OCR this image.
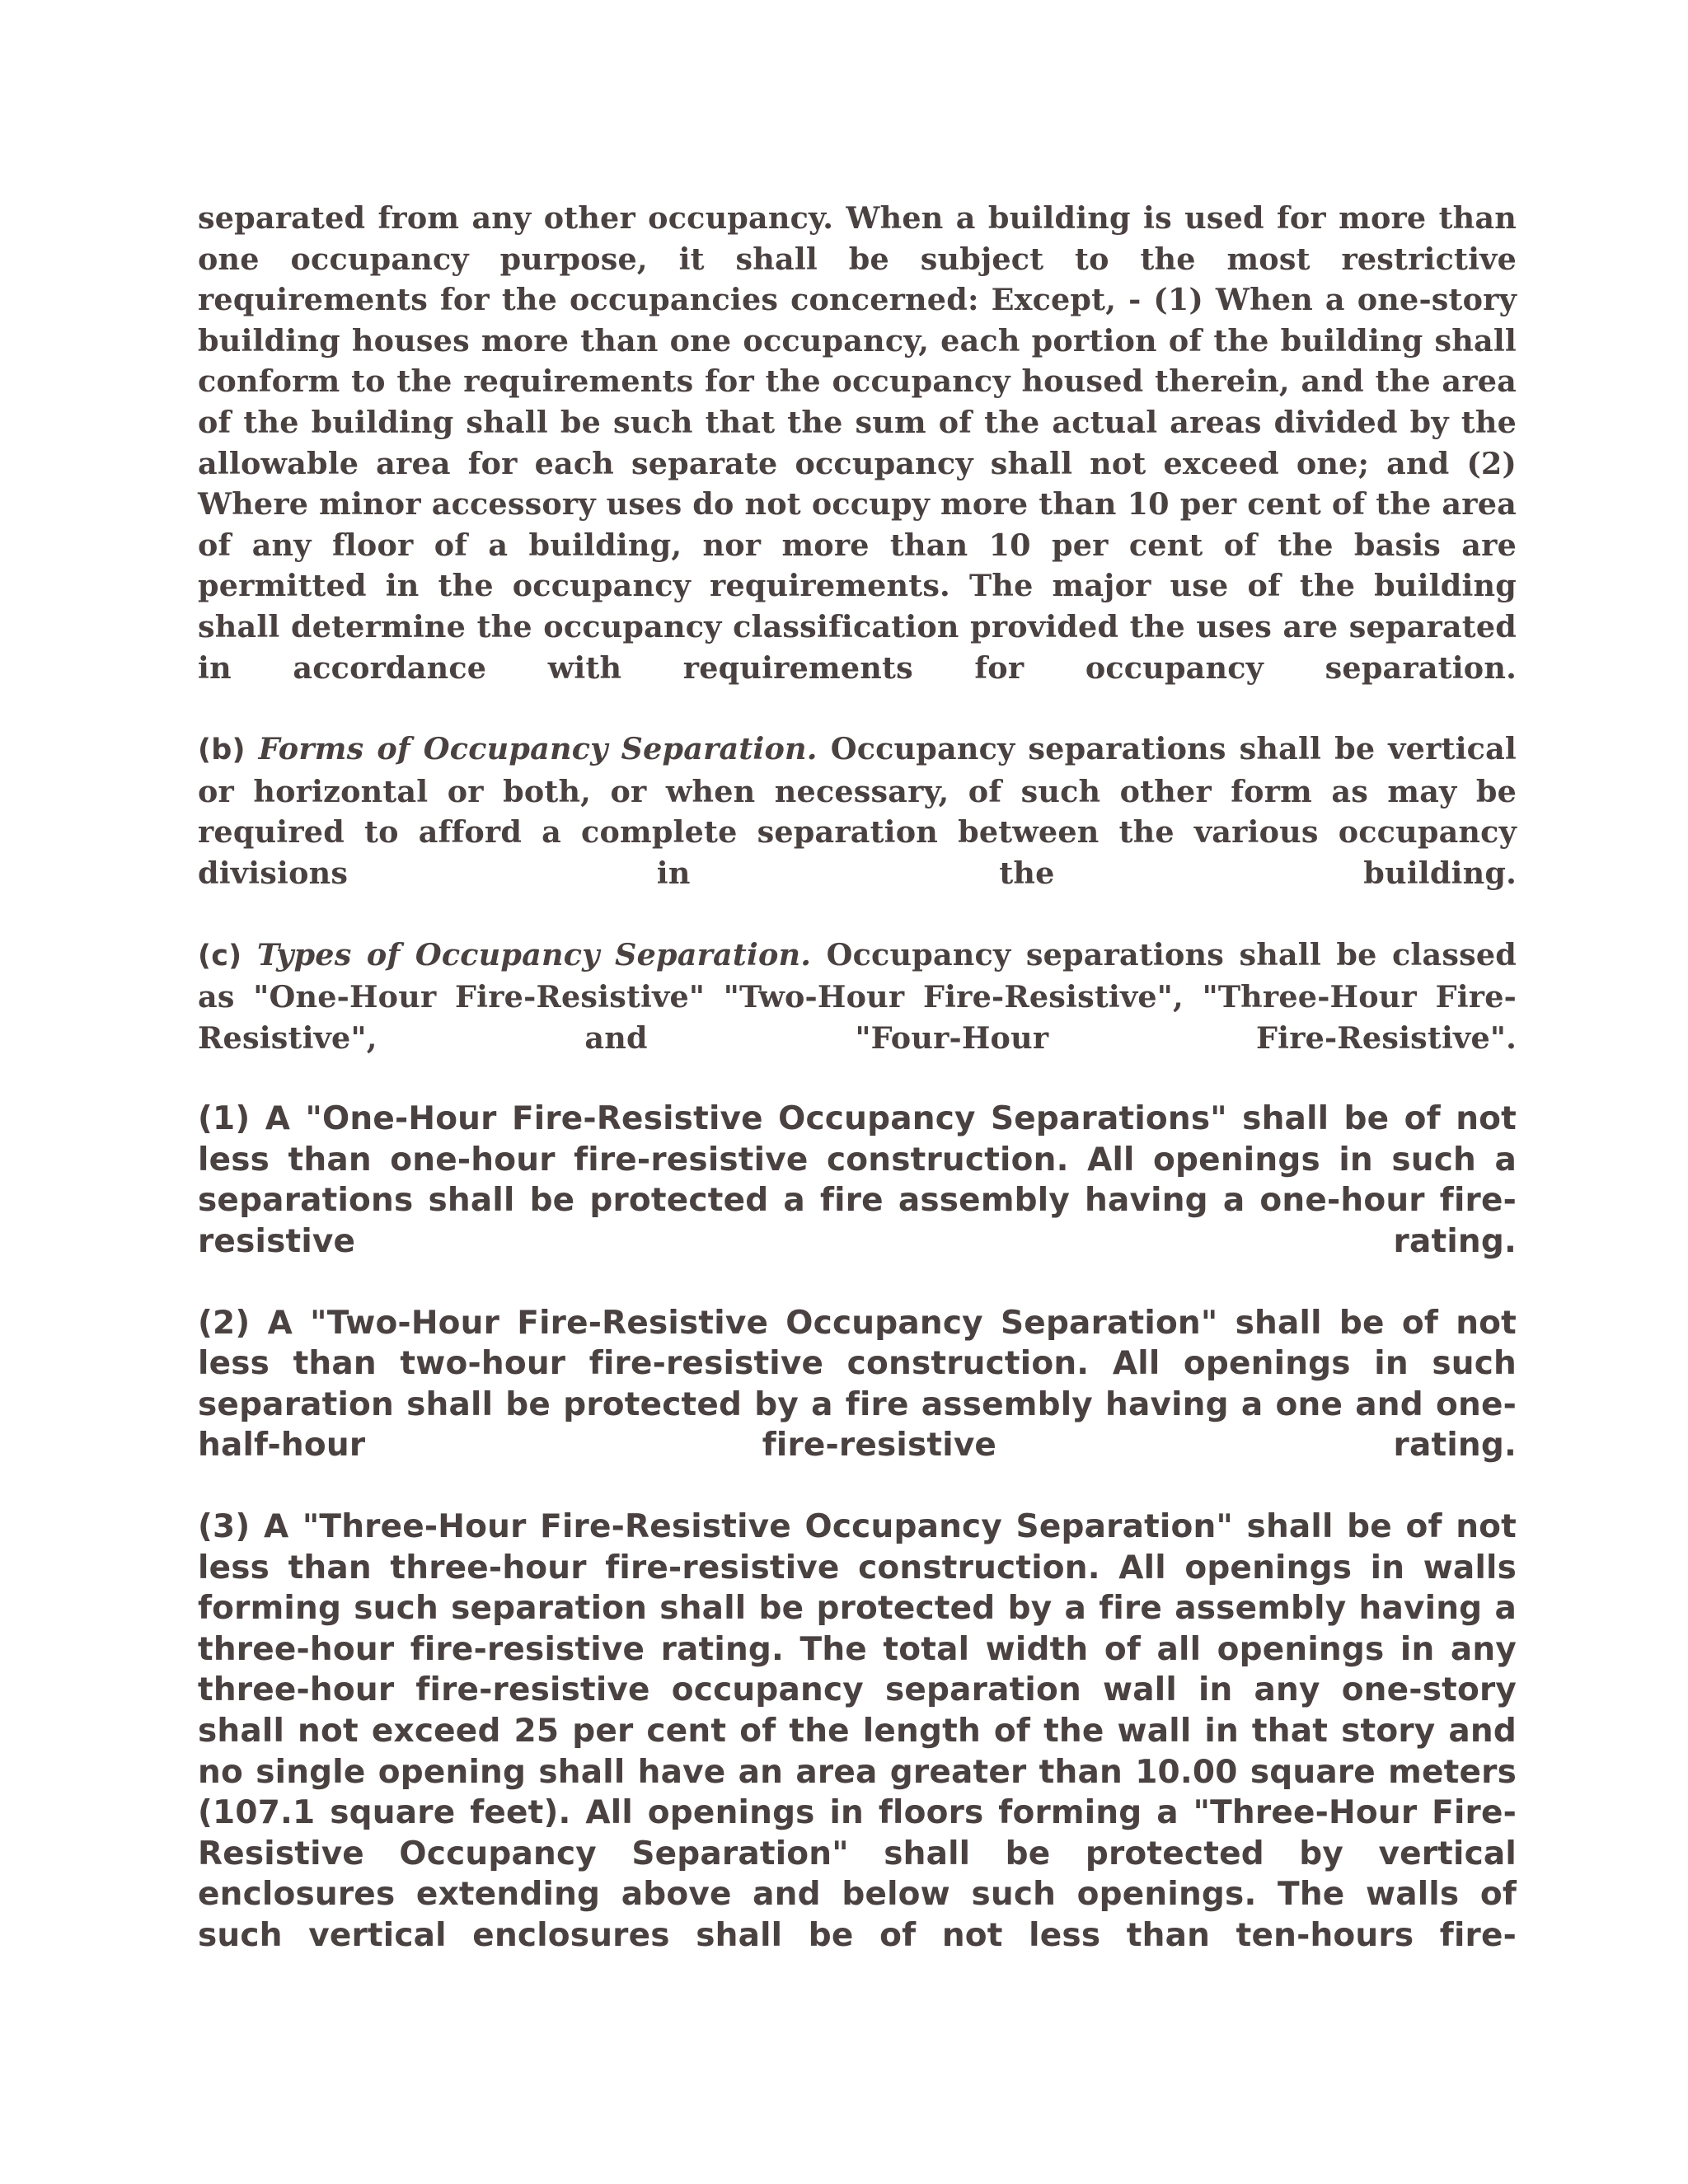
separated from any other occupancy. When a building is used for more than one occupancy purpose, it shall be subject to the most restrictive requirements for the occupancies concerned: Except, - (1) When a one-story building houses more than one occupancy, each portion of the building shall conform to the requirements for the occupancy housed therein, and the area of the building shall be such that the sum of the actual areas divided by the allowable area for each separate occupancy shall not exceed one; and (2) Where minor accessory uses do not occupy more than 10 per cent of the area of any floor of a building, nor more than 10 per cent of the basis are permitted in the occupancy requirements. The major use of the building shall determine the occupancy classification provided the uses are separated in accordance with requirements for occupancy separation.

(b) Forms of Occupancy Separation. Occupancy separations shall be vertical or horizontal or both, or when necessary, of such other form as may be required to afford a complete separation between the various occupancy divisions in the building.

(c) Types of Occupancy Separation. Occupancy separations shall be classed as "One-Hour Fire-Resistive" "Two-Hour Fire-Resistive", "Three-Hour Fire-Resistive", and "Four-Hour Fire-Resistive".

(1) A "One-Hour Fire-Resistive Occupancy Separations" shall be of not less than one-hour fire-resistive construction. All openings in such a separations shall be protected a fire assembly having a one-hour fire-resistive rating.

(2) A "Two-Hour Fire-Resistive Occupancy Separation" shall be of not less than two-hour fire-resistive construction. All openings in such separation shall be protected by a fire assembly having a one and one-half-hour fire-resistive rating.

(3) A "Three-Hour Fire-Resistive Occupancy Separation" shall be of not less than three-hour fire-resistive construction. All openings in walls forming such separation shall be protected by a fire assembly having a three-hour fire-resistive rating. The total width of all openings in any three-hour fire-resistive occupancy separation wall in any one-story shall not exceed 25 per cent of the length of the wall in that story and no single opening shall have an area greater than 10.00 square meters (107.1 square feet). All openings in floors forming a "Three-Hour Fire-Resistive Occupancy Separation" shall be protected by vertical enclosures extending above and below such openings. The walls of such vertical enclosures shall be of not less than ten-hours fire-
